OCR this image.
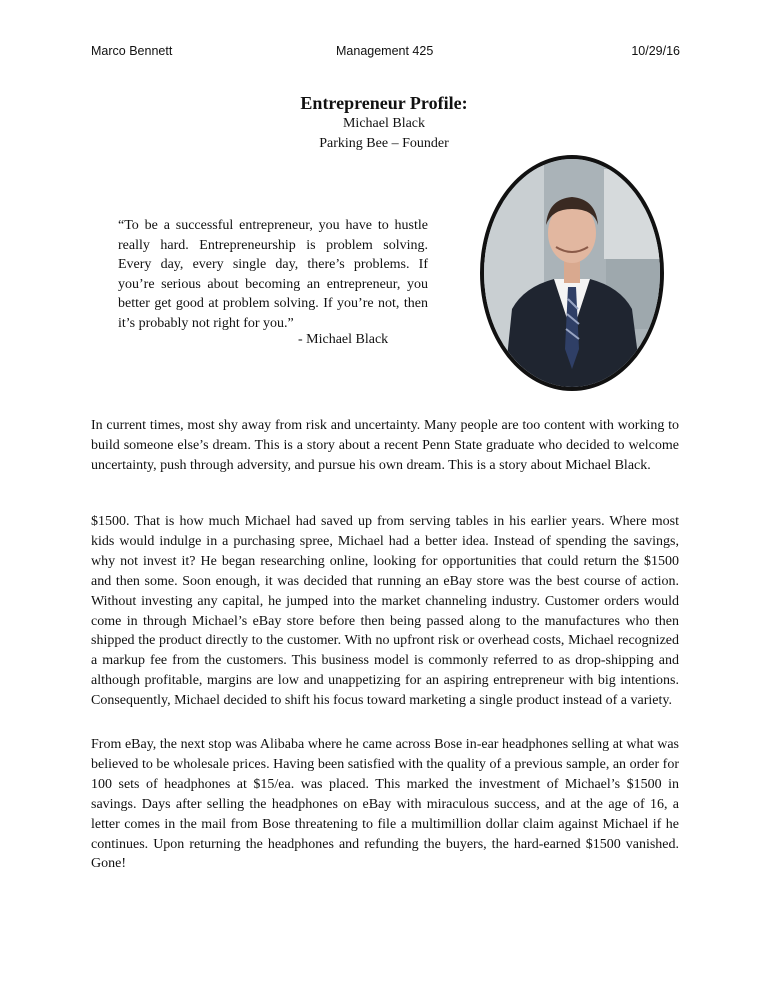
Marco Bennett	Management 425	10/29/16
Entrepreneur Profile:
Michael Black
Parking Bee – Founder
“To be a successful entrepreneur, you have to hustle really hard. Entrepreneurship is problem solving. Every day, every single day, there’s problems. If you’re serious about becoming an entrepreneur, you better get good at problem solving. If you’re not, then it’s probably not right for you.”
- Michael Black
In current times, most shy away from risk and uncertainty. Many people are too content with working to build someone else’s dream. This is a story about a recent Penn State graduate who decided to welcome uncertainty, push through adversity, and pursue his own dream. This is a story about Michael Black.
$1500. That is how much Michael had saved up from serving tables in his earlier years. Where most kids would indulge in a purchasing spree, Michael had a better idea. Instead of spending the savings, why not invest it? He began researching online, looking for opportunities that could return the $1500 and then some. Soon enough, it was decided that running an eBay store was the best course of action. Without investing any capital, he jumped into the market channeling industry. Customer orders would come in through Michael’s eBay store before then being passed along to the manufactures who then shipped the product directly to the customer. With no upfront risk or overhead costs, Michael recognized a markup fee from the customers. This business model is commonly referred to as drop-shipping and although profitable, margins are low and unappetizing for an aspiring entrepreneur with big intentions. Consequently, Michael decided to shift his focus toward marketing a single product instead of a variety.
From eBay, the next stop was Alibaba where he came across Bose in-ear headphones selling at what was believed to be wholesale prices. Having been satisfied with the quality of a previous sample, an order for 100 sets of headphones at $15/ea. was placed. This marked the investment of Michael’s $1500 in savings. Days after selling the headphones on eBay with miraculous success, and at the age of 16, a letter comes in the mail from Bose threatening to file a multimillion dollar claim against Michael if he continues. Upon returning the headphones and refunding the buyers, the hard-earned $1500 vanished. Gone!
